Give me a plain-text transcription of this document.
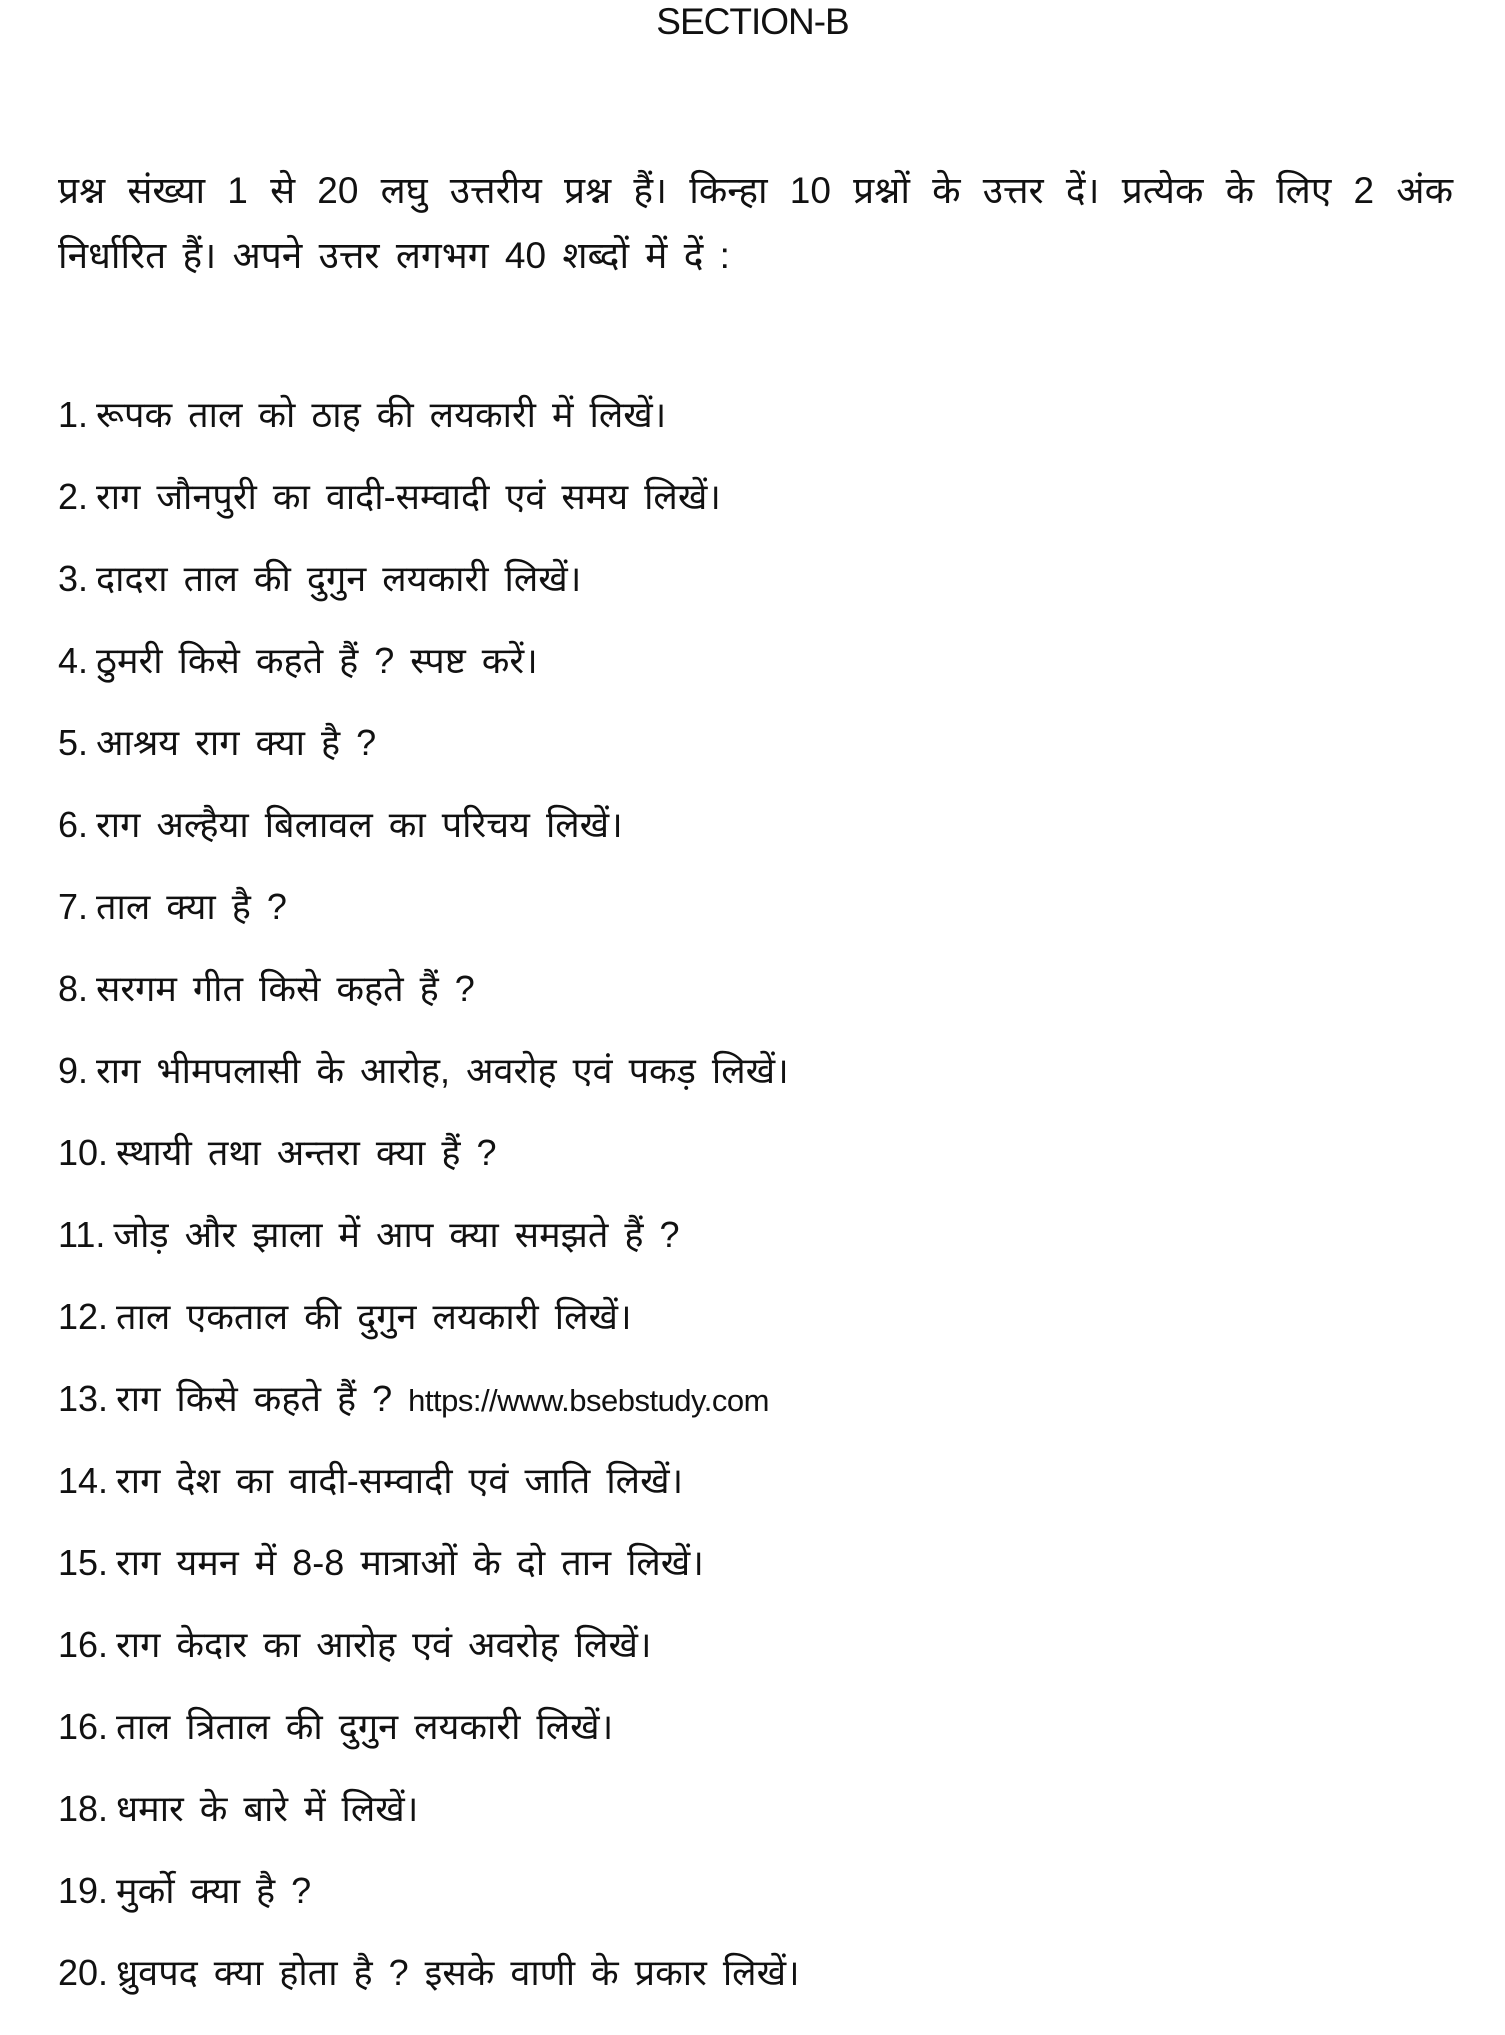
SECTION-B
प्रश्न संख्या 1 से 20 लघु उत्तरीय प्रश्न हैं। किन्हा 10 प्रश्नों के उत्तर दें। प्रत्येक के लिए 2 अंक निर्धारित हैं। अपने उत्तर लगभग 40 शब्दों में दें :
1. रूपक ताल को ठाह की लयकारी में लिखें।
2. राग जौनपुरी का वादी-सम्वादी एवं समय लिखें।
3. दादरा ताल की दुगुन लयकारी लिखें।
4. ठुमरी किसे कहते हैं ? स्पष्ट करें।
5. आश्रय राग क्या है ?
6. राग अल्हैया बिलावल का परिचय लिखें।
7. ताल क्या है ?
8. सरगम गीत किसे कहते हैं ?
9. राग भीमपलासी के आरोह, अवरोह एवं पकड़ लिखें।
10. स्थायी तथा अन्तरा क्या हैं ?
11. जोड़ और झाला में आप क्या समझते हैं ?
12. ताल एकताल की दुगुन लयकारी लिखें।
13. राग किसे कहते हैं ? https://www.bsebstudy.com
14. राग देश का वादी-सम्वादी एवं जाति लिखें।
15. राग यमन में 8-8 मात्राओं के दो तान लिखें।
16. राग केदार का आरोह एवं अवरोह लिखें।
16. ताल त्रिताल की दुगुन लयकारी लिखें।
18. धमार के बारे में लिखें।
19. मुर्को क्या है ?
20. ध्रुवपद क्या होता है ? इसके वाणी के प्रकार लिखें।
